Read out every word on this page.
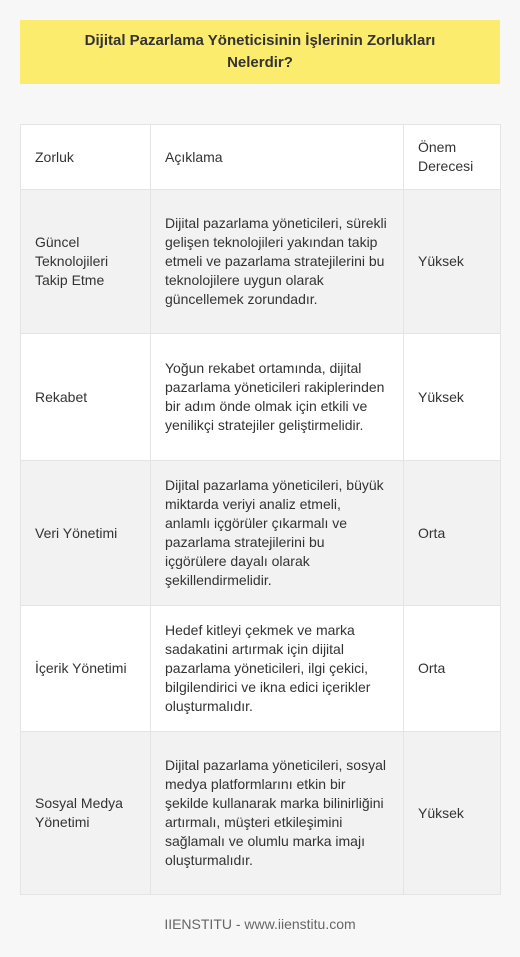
Dijital Pazarlama Yöneticisinin İşlerinin Zorlukları Nelerdir?
Zorluk	Açıklama	Önem Derecesi
Güncel Teknolojileri Takip Etme	Dijital pazarlama yöneticileri, sürekli gelişen teknolojileri yakından takip etmeli ve pazarlama stratejilerini bu teknolojilere uygun olarak güncellemek zorundadır.	Yüksek
Rekabet	Yoğun rekabet ortamında, dijital pazarlama yöneticileri rakiplerinden bir adım önde olmak için etkili ve yenilikçi stratejiler geliştirmelidir.	Yüksek
Veri Yönetimi	Dijital pazarlama yöneticileri, büyük miktarda veriyi analiz etmeli, anlamlı içgörüler çıkarmalı ve pazarlama stratejilerini bu içgörülere dayalı olarak şekillendirmelidir.	Orta
İçerik Yönetimi	Hedef kitleyi çekmek ve marka sadakatini artırmak için dijital pazarlama yöneticileri, ilgi çekici, bilgilendirici ve ikna edici içerikler oluşturmalıdır.	Orta
Sosyal Medya Yönetimi	Dijital pazarlama yöneticileri, sosyal medya platformlarını etkin bir şekilde kullanarak marka bilinirliğini artırmalı, müşteri etkileşimini sağlamalı ve olumlu marka imajı oluşturmalıdır.	Yüksek
IIENSTITU - www.iienstitu.com
